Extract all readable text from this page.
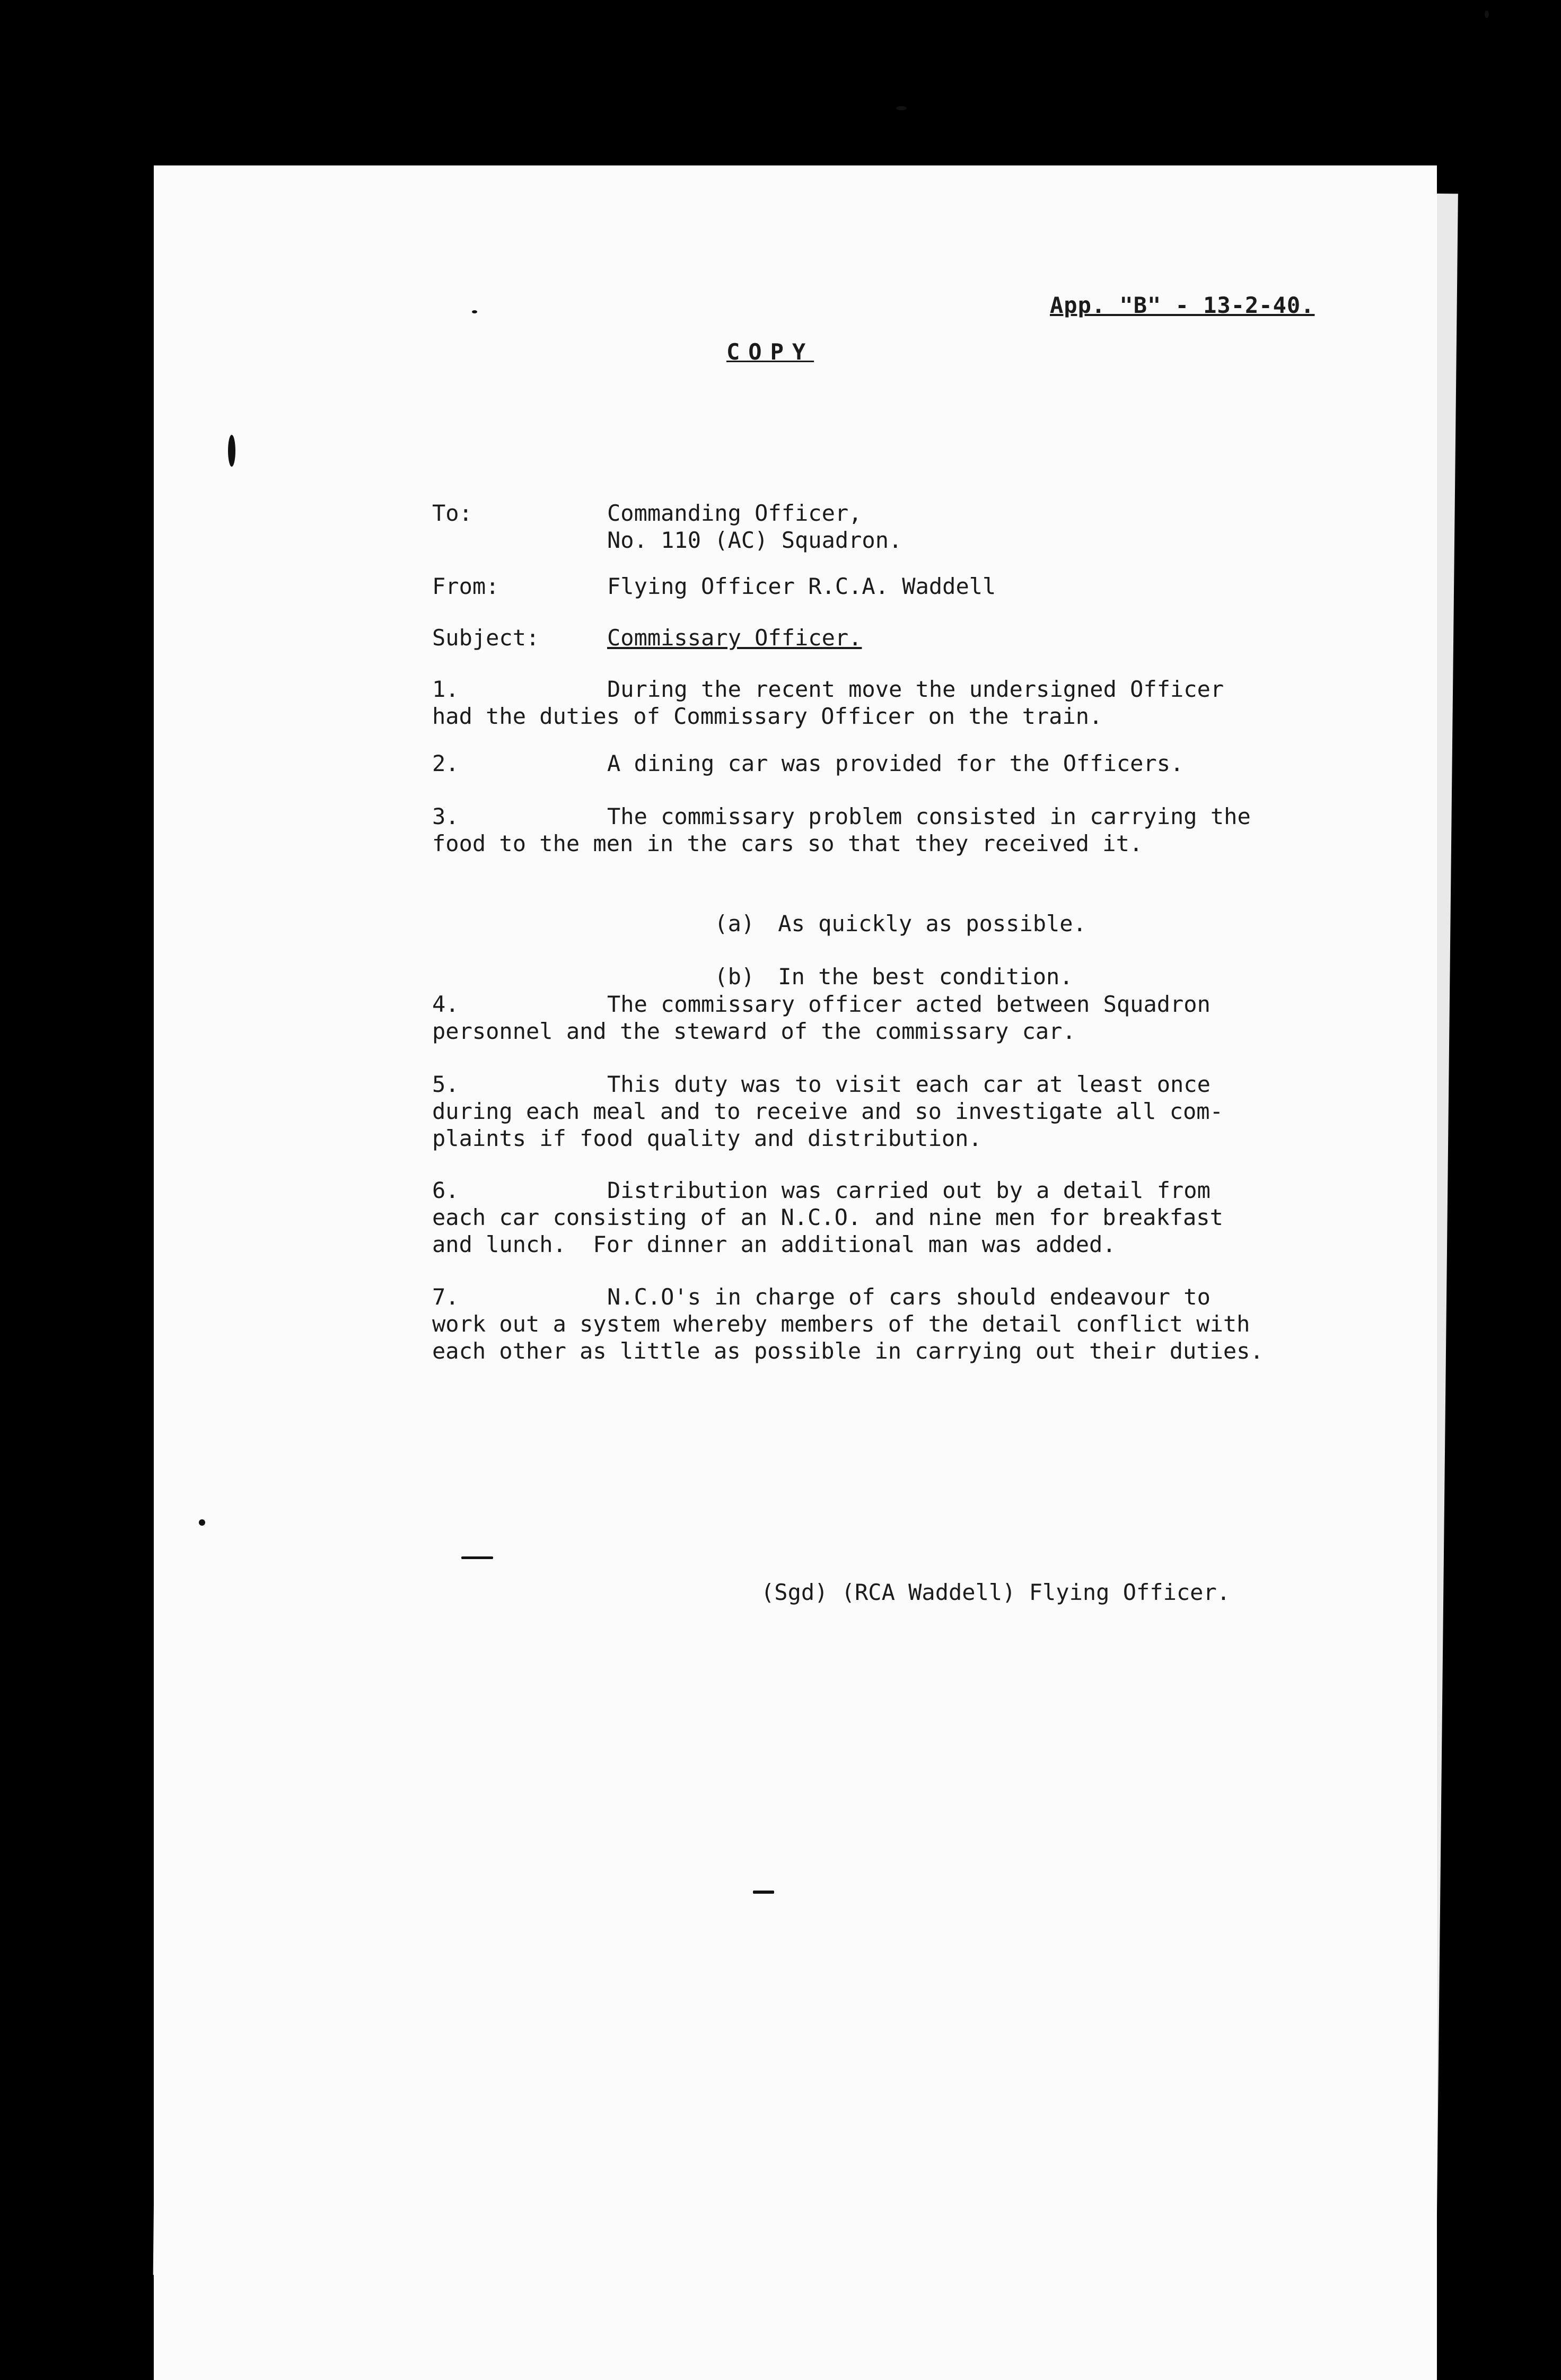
App. "B" - 13-2-40.
COPY
To:	Commanding Officer,
No. 110 (AC) Squadron.
From:	Flying Officer R.C.A. Waddell
Subject:	Commissary Officer.
1.	During the recent move the undersigned Officer
had the duties of Commissary Officer on the train.
2.	A dining car was provided for the Officers.
3.	The commissary problem consisted in carrying the
food to the men in the cars so that they received it.

(a) As quickly as possible.

(b) In the best condition.

4.	The commissary officer acted between Squadron
personnel and the steward of the commissary car.
5.	This duty was to visit each car at least once
during each meal and to receive and so investigate all com-
plaints if food quality and distribution.
6.	Distribution was carried out by a detail from
each car consisting of an N.C.O. and nine men for breakfast
and lunch.  For dinner an additional man was added.
7.	N.C.O's in charge of cars should endeavour to
work out a system whereby members of the detail conflict with
each other as little as possible in carrying out their duties.
(Sgd) (RCA Waddell) Flying Officer.
